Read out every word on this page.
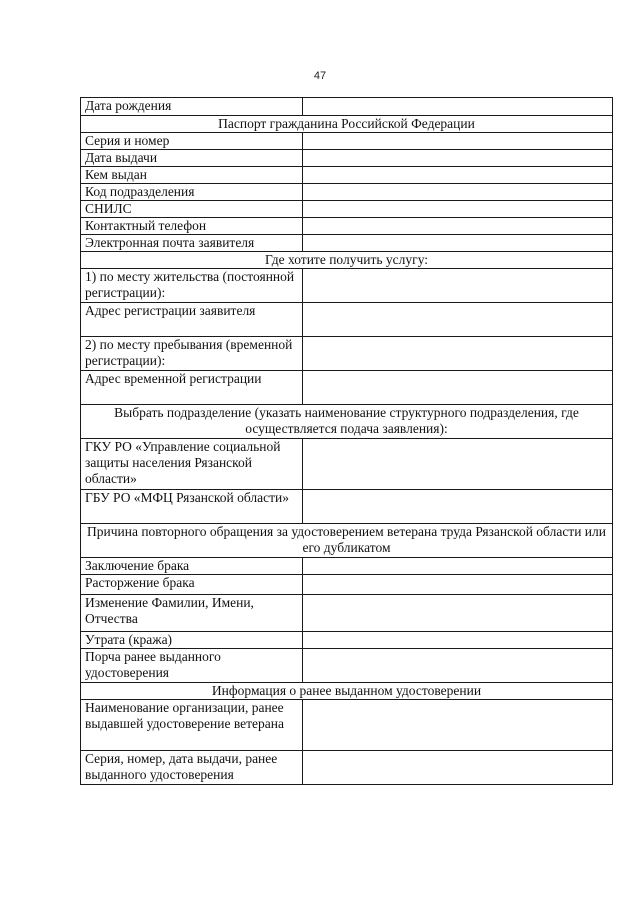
47
Дата рождения	
Паспорт гражданина Российской Федерации	
Серия и номер	
Дата выдачи	
Кем выдан	
Код подразделения	
СНИЛС	
Контактный телефон	
Электронная почта заявителя	
Где хотите получить услугу:	
1) по месту жительства (постоянной регистрации):	
Адрес регистрации заявителя	
2) по месту пребывания (временной регистрации):	
Адрес временной регистрации	
Выбрать подразделение (указать наименование структурного подразделения, где осуществляется подача заявления):	
ГКУ РО «Управление социальной защиты населения Рязанской области»	
ГБУ РО «МФЦ Рязанской области»	
Причина повторного обращения за удостоверением ветерана труда Рязанской области или его дубликатом	
Заключение брака	
Расторжение брака	
Изменение Фамилии, Имени, Отчества	
Утрата (кража)	
Порча ранее выданного удостоверения	
Информация о ранее выданном удостоверении	
Наименование организации, ранее выдавшей удостоверение ветерана	
Серия, номер, дата выдачи, ранее выданного удостоверения	
